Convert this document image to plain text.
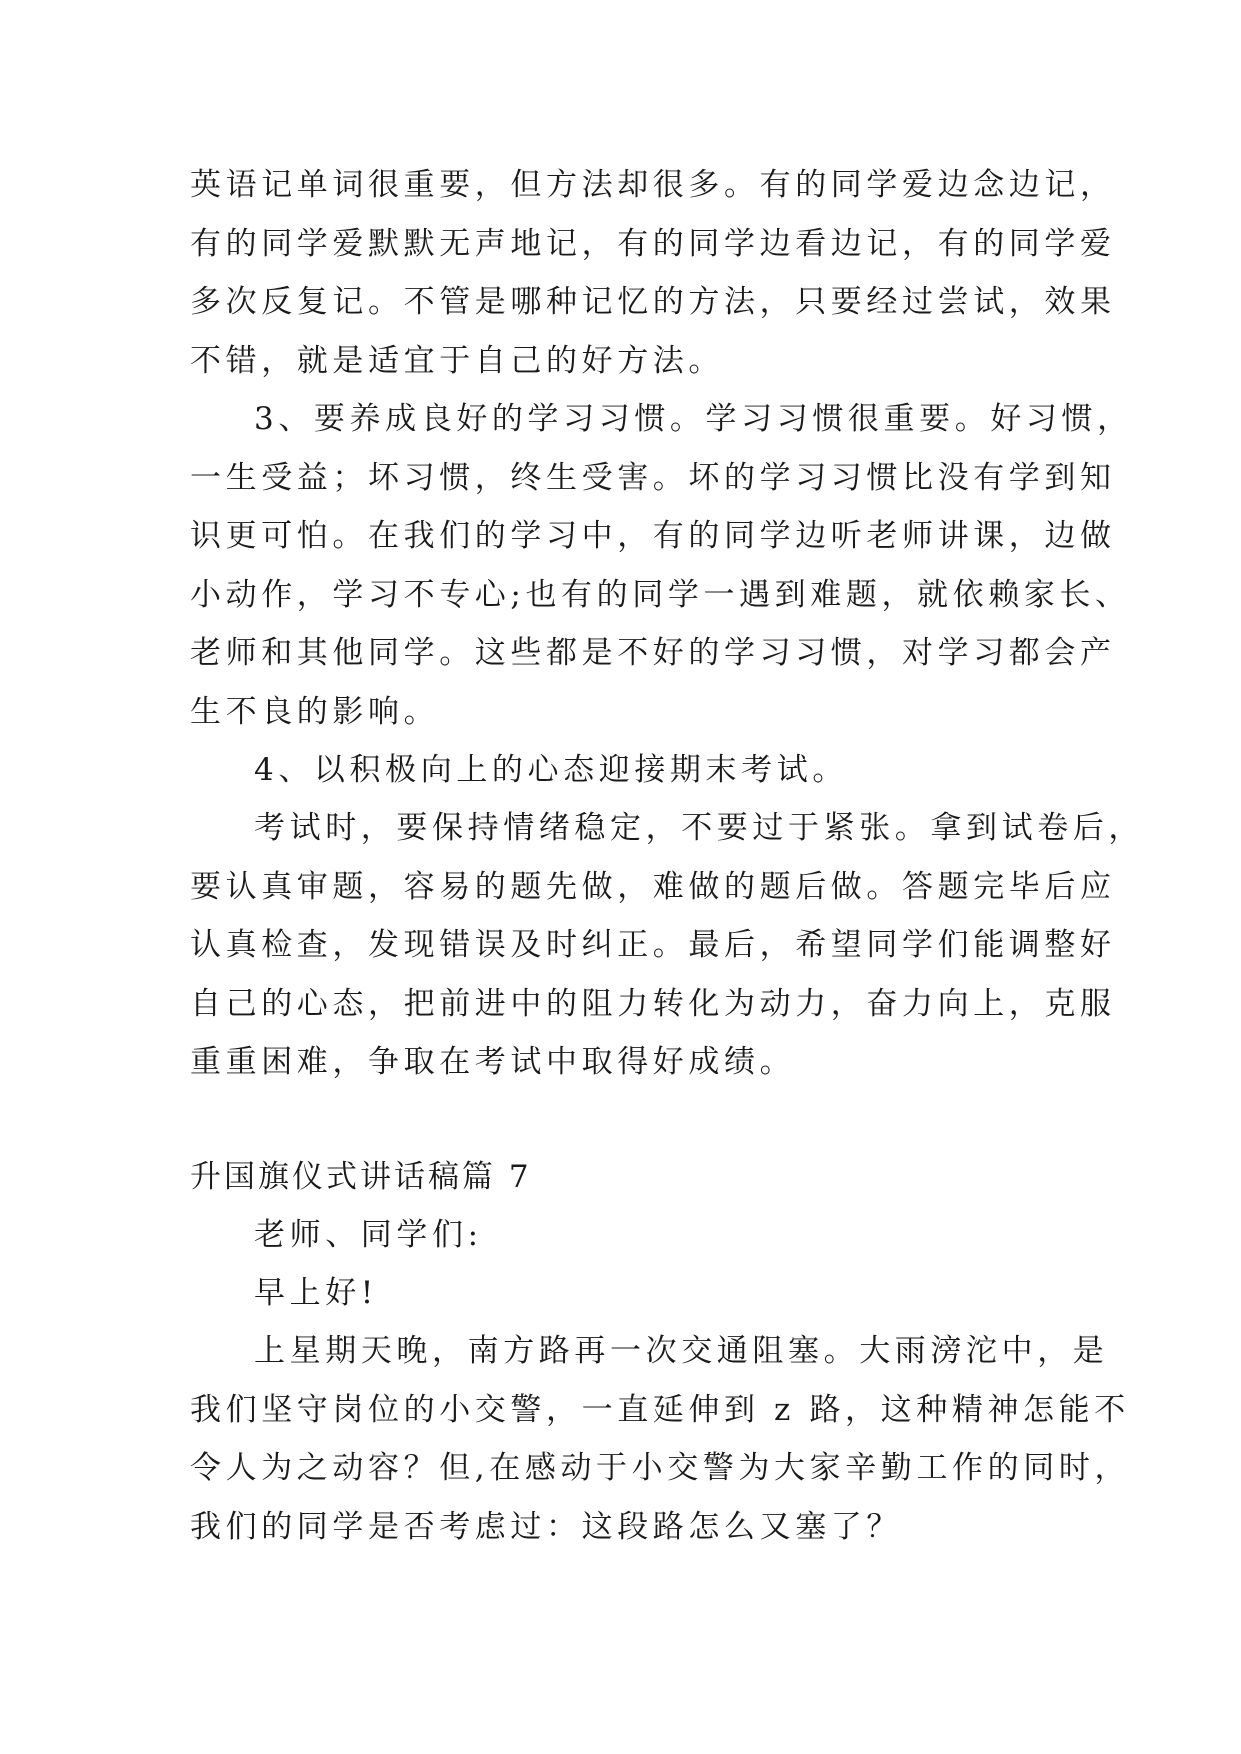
英语记单词很重要，但方法却很多。有的同学爱边念边记，
有的同学爱默默无声地记，有的同学边看边记，有的同学爱
多次反复记。不管是哪种记忆的方法，只要经过尝试，效果
不错，就是适宜于自己的好方法。
3、要养成良好的学习习惯。学习习惯很重要。好习惯，
一生受益；坏习惯，终生受害。坏的学习习惯比没有学到知
识更可怕。在我们的学习中，有的同学边听老师讲课，边做
小动作，学习不专心;也有的同学一遇到难题，就依赖家长、
老师和其他同学。这些都是不好的学习习惯，对学习都会产
生不良的影响。
4、以积极向上的心态迎接期末考试。
考试时，要保持情绪稳定，不要过于紧张。拿到试卷后，
要认真审题，容易的题先做，难做的题后做。答题完毕后应
认真检查，发现错误及时纠正。最后，希望同学们能调整好
自己的心态，把前进中的阻力转化为动力，奋力向上，克服
重重困难，争取在考试中取得好成绩。
升国旗仪式讲话稿篇 7
老师、同学们:
早上好!
上星期天晚，南方路再一次交通阻塞。大雨滂沱中，是
我们坚守岗位的小交警，一直延伸到 z 路，这种精神怎能不
令人为之动容？但,在感动于小交警为大家辛勤工作的同时，
我们的同学是否考虑过：这段路怎么又塞了？
